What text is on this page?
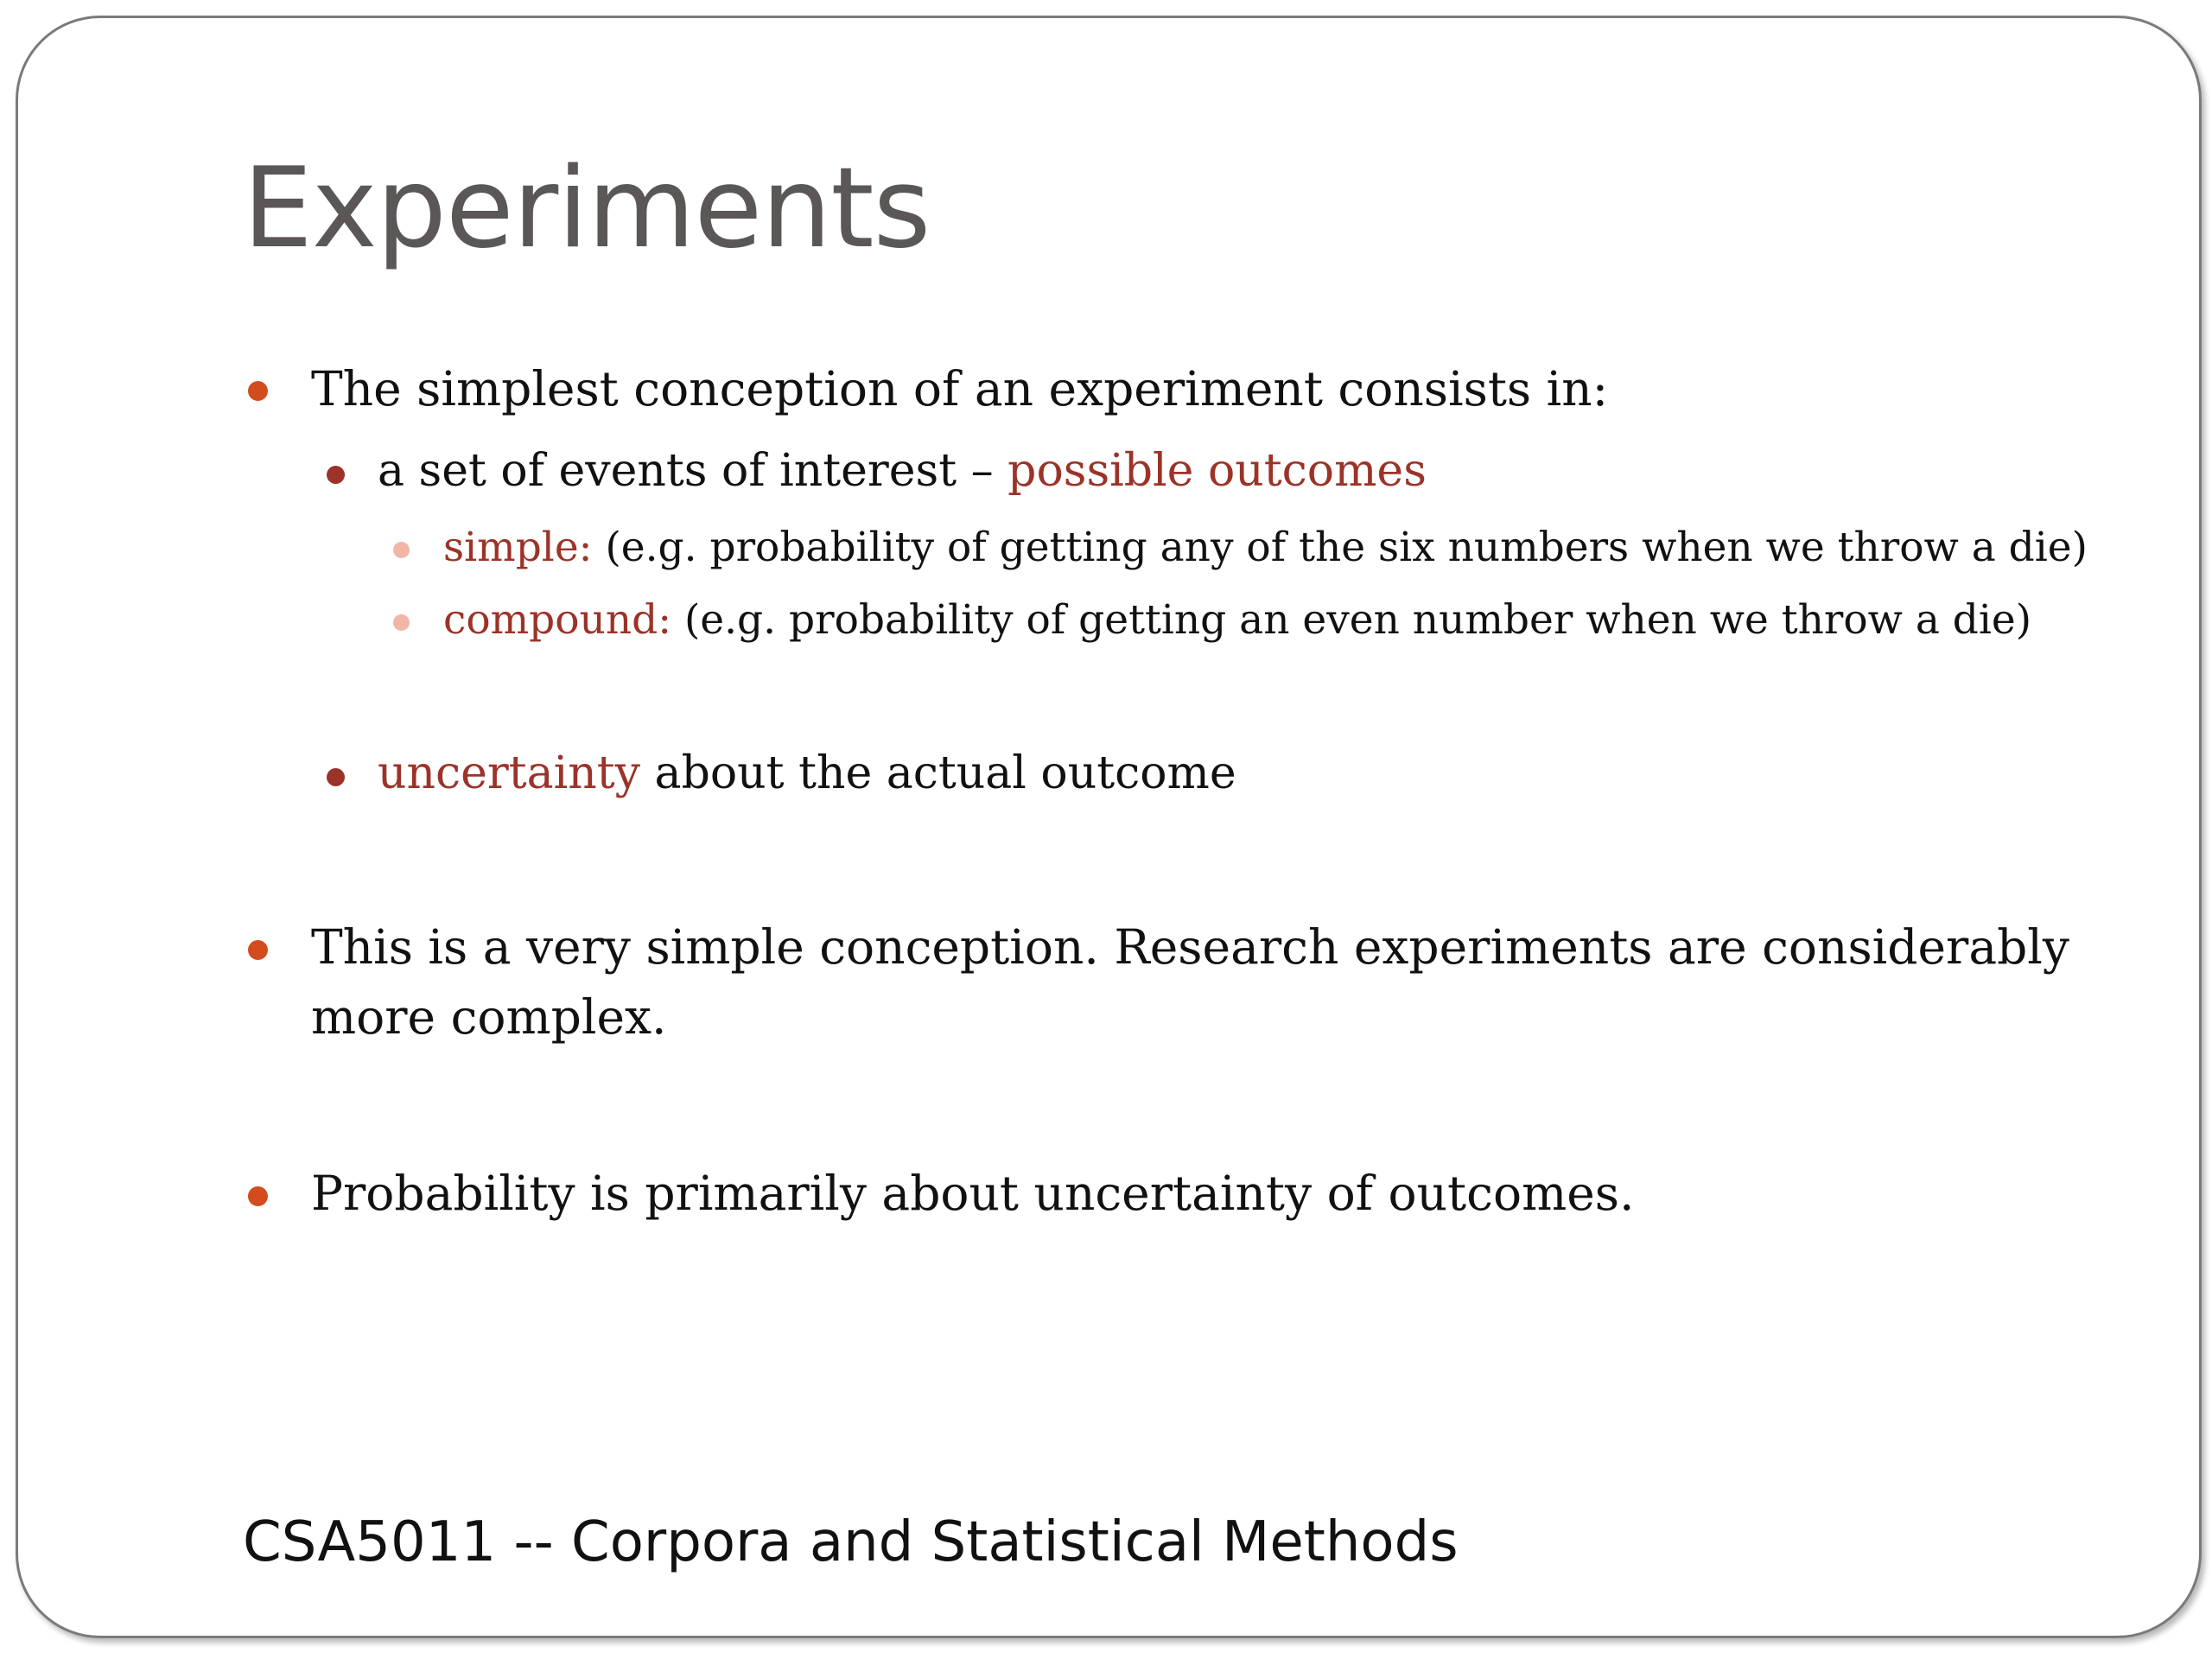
Experiments
The simplest conception of an experiment consists in:
a set of events of interest – possible outcomes
simple: (e.g. probability of getting any of the six numbers when we throw a die)
compound: (e.g. probability of getting an even number when we throw a die)
uncertainty about the actual outcome
This is a very simple conception. Research experiments are considerably
more complex.
Probability is primarily about uncertainty of outcomes.
CSA5011 -- Corpora and Statistical Methods
